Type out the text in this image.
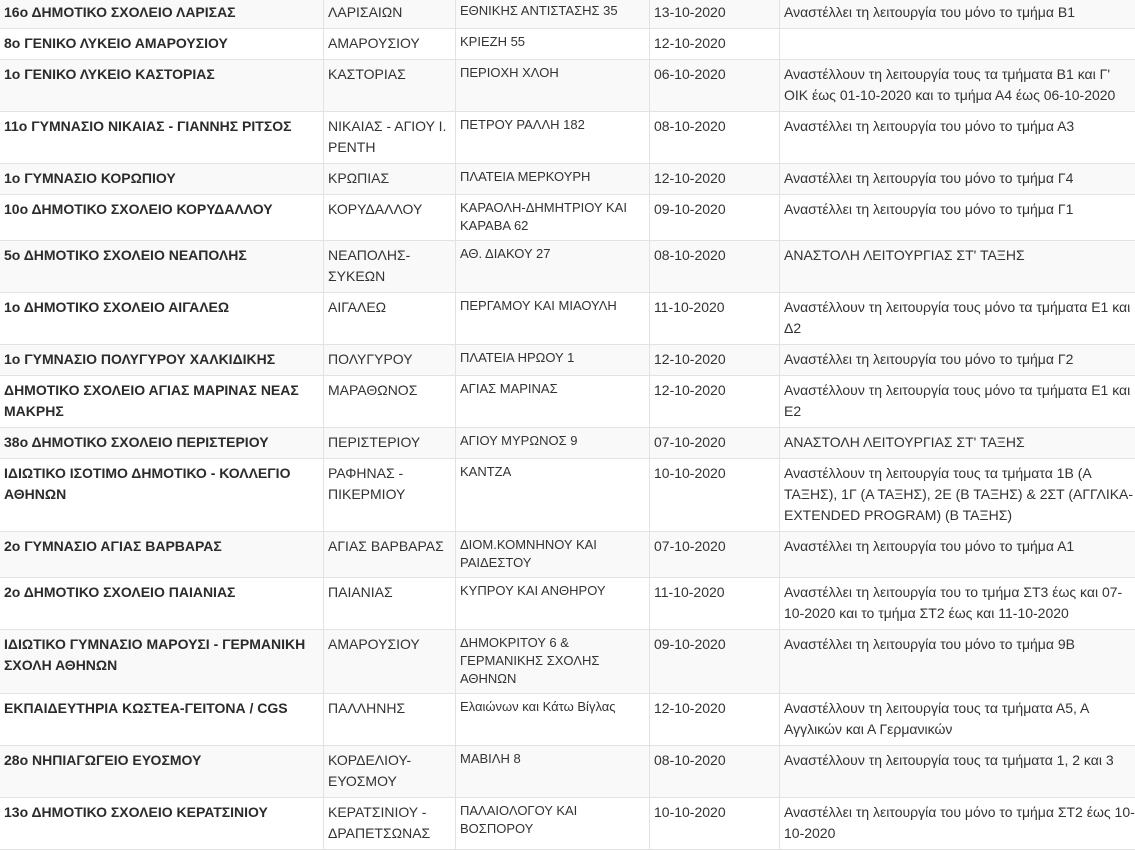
16ο ΔΗΜΟΤΙΚΟ ΣΧΟΛΕΙΟ ΛΑΡΙΣΑΣ	ΛΑΡΙΣΑΙΩΝ	ΕΘΝΙΚΗΣ ΑΝΤΙΣΤΑΣΗΣ 35	13-10-2020	Αναστέλλει τη λειτουργία του μόνο το τμήμα Β1
8ο ΓΕΝΙΚΟ ΛΥΚΕΙΟ ΑΜΑΡΟΥΣΙΟΥ	ΑΜΑΡΟΥΣΙΟΥ	ΚΡΙΕΖΗ 55	12-10-2020	
1ο ΓΕΝΙΚΟ ΛΥΚΕΙΟ ΚΑΣΤΟΡΙΑΣ	ΚΑΣΤΟΡΙΑΣ	ΠΕΡΙΟΧΗ ΧΛΟΗ	06-10-2020	Αναστέλλουν τη λειτουργία τους τα τμήματα Β1 και Γ' ΟΙΚ έως 01-10-2020 και το τμήμα Α4 έως 06-10-2020
11ο ΓΥΜΝΑΣΙΟ ΝΙΚΑΙΑΣ - ΓΙΑΝΝΗΣ ΡΙΤΣΟΣ	ΝΙΚΑΙΑΣ - ΑΓΙΟΥ Ι. ΡΕΝΤΗ	ΠΕΤΡΟΥ ΡΑΛΛΗ 182	08-10-2020	Αναστέλλει τη λειτουργία του μόνο το τμήμα Α3
1ο ΓΥΜΝΑΣΙΟ ΚΟΡΩΠΙΟΥ	ΚΡΩΠΙΑΣ	ΠΛΑΤΕΙΑ ΜΕΡΚΟΥΡΗ	12-10-2020	Αναστέλλει τη λειτουργία του μόνο το τμήμα Γ4
10ο ΔΗΜΟΤΙΚΟ ΣΧΟΛΕΙΟ ΚΟΡΥΔΑΛΛΟΥ	ΚΟΡΥΔΑΛΛΟΥ	ΚΑΡΑΟΛΗ-ΔΗΜΗΤΡΙΟΥ ΚΑΙ ΚΑΡΑΒΑ 62	09-10-2020	Αναστέλλει τη λειτουργία του μόνο το τμήμα Γ1
5ο ΔΗΜΟΤΙΚΟ ΣΧΟΛΕΙΟ ΝΕΑΠΟΛΗΣ	ΝΕΑΠΟΛΗΣ-ΣΥΚΕΩΝ	ΑΘ. ΔΙΑΚΟΥ 27	08-10-2020	ΑΝΑΣΤΟΛΗ ΛΕΙΤΟΥΡΓΙΑΣ ΣΤ' ΤΑΞΗΣ
1ο ΔΗΜΟΤΙΚΟ ΣΧΟΛΕΙΟ ΑΙΓΑΛΕΩ	ΑΙΓΑΛΕΩ	ΠΕΡΓΑΜΟΥ ΚΑΙ ΜΙΑΟΥΛΗ	11-10-2020	Αναστέλλουν τη λειτουργία τους μόνο τα τμήματα Ε1 και Δ2
1ο ΓΥΜΝΑΣΙΟ ΠΟΛΥΓΥΡΟΥ ΧΑΛΚΙΔΙΚΗΣ	ΠΟΛΥΓΥΡΟΥ	ΠΛΑΤΕΙΑ ΗΡΩΟΥ 1	12-10-2020	Αναστέλλει τη λειτουργία του μόνο το τμήμα Γ2
ΔΗΜΟΤΙΚΟ ΣΧΟΛΕΙΟ ΑΓΙΑΣ ΜΑΡΙΝΑΣ ΝΕΑΣ ΜΑΚΡΗΣ	ΜΑΡΑΘΩΝΟΣ	ΑΓΙΑΣ ΜΑΡΙΝΑΣ	12-10-2020	Αναστέλλουν τη λειτουργία τους μόνο τα τμήματα Ε1 και Ε2
38ο ΔΗΜΟΤΙΚΟ ΣΧΟΛΕΙΟ ΠΕΡΙΣΤΕΡΙΟΥ	ΠΕΡΙΣΤΕΡΙΟΥ	ΑΓΙΟΥ ΜΥΡΩΝΟΣ 9	07-10-2020	ΑΝΑΣΤΟΛΗ ΛΕΙΤΟΥΡΓΙΑΣ ΣΤ' ΤΑΞΗΣ
ΙΔΙΩΤΙΚΟ ΙΣΟΤΙΜΟ ΔΗΜΟΤΙΚΟ - ΚΟΛΛΕΓΙΟ ΑΘΗΝΩΝ	ΡΑΦΗΝΑΣ - ΠΙΚΕΡΜΙΟΥ	ΚΑΝΤΖΑ	10-10-2020	Αναστέλλουν τη λειτουργία τους τα τμήματα 1Β (Α ΤΑΞΗΣ), 1Γ (Α ΤΑΞΗΣ), 2Ε (Β ΤΑΞΗΣ) & 2ΣΤ (ΑΓΓΛΙΚΑ- EXTENDED PROGRAM) (Β ΤΑΞΗΣ)
2ο ΓΥΜΝΑΣΙΟ ΑΓΙΑΣ ΒΑΡΒΑΡΑΣ	ΑΓΙΑΣ ΒΑΡΒΑΡΑΣ	ΔΙΟΜ.ΚΟΜΝΗΝΟΥ ΚΑΙ ΡΑΙΔΕΣΤΟΥ	07-10-2020	Αναστέλλει τη λειτουργία του μόνο το τμήμα Α1
2ο ΔΗΜΟΤΙΚΟ ΣΧΟΛΕΙΟ ΠΑΙΑΝΙΑΣ	ΠΑΙΑΝΙΑΣ	ΚΥΠΡΟΥ ΚΑΙ ΑΝΘΗΡΟΥ	11-10-2020	Αναστέλλει τη λειτουργία του το τμήμα ΣΤ3 έως και 07-10-2020 και το τμήμα ΣΤ2 έως και 11-10-2020
ΙΔΙΩΤΙΚΟ ΓΥΜΝΑΣΙΟ ΜΑΡΟΥΣΙ - ΓΕΡΜΑΝΙΚΗ ΣΧΟΛΗ ΑΘΗΝΩΝ	ΑΜΑΡΟΥΣΙΟΥ	ΔΗΜΟΚΡΙΤΟΥ 6 & ΓΕΡΜΑΝΙΚΗΣ ΣΧΟΛΗΣ ΑΘΗΝΩΝ	09-10-2020	Αναστέλλει τη λειτουργία του μόνο το τμήμα 9Β
ΕΚΠΑΙΔΕΥΤΗΡΙΑ ΚΩΣΤΕΑ-ΓΕΙΤΟΝΑ / CGS	ΠΑΛΛΗΝΗΣ	Ελαιώνων και Κάτω Βίγλας	12-10-2020	Αναστέλλουν τη λειτουργία τους τα τμήματα Α5, Α Αγγλικών και Α Γερμανικών
28ο ΝΗΠΙΑΓΩΓΕΙΟ ΕΥΟΣΜΟΥ	ΚΟΡΔΕΛΙΟΥ-ΕΥΟΣΜΟΥ	ΜΑΒΙΛΗ 8	08-10-2020	Αναστέλλουν τη λειτουργία τους τα τμήματα 1, 2 και 3
13ο ΔΗΜΟΤΙΚΟ ΣΧΟΛΕΙΟ ΚΕΡΑΤΣΙΝΙΟΥ	ΚΕΡΑΤΣΙΝΙΟΥ - ΔΡΑΠΕΤΣΩΝΑΣ	ΠΑΛΑΙΟΛΟΓΟΥ ΚΑΙ ΒΟΣΠΟΡΟΥ	10-10-2020	Αναστέλλει τη λειτουργία του μόνο το τμήμα ΣΤ2 έως 10-10-2020
